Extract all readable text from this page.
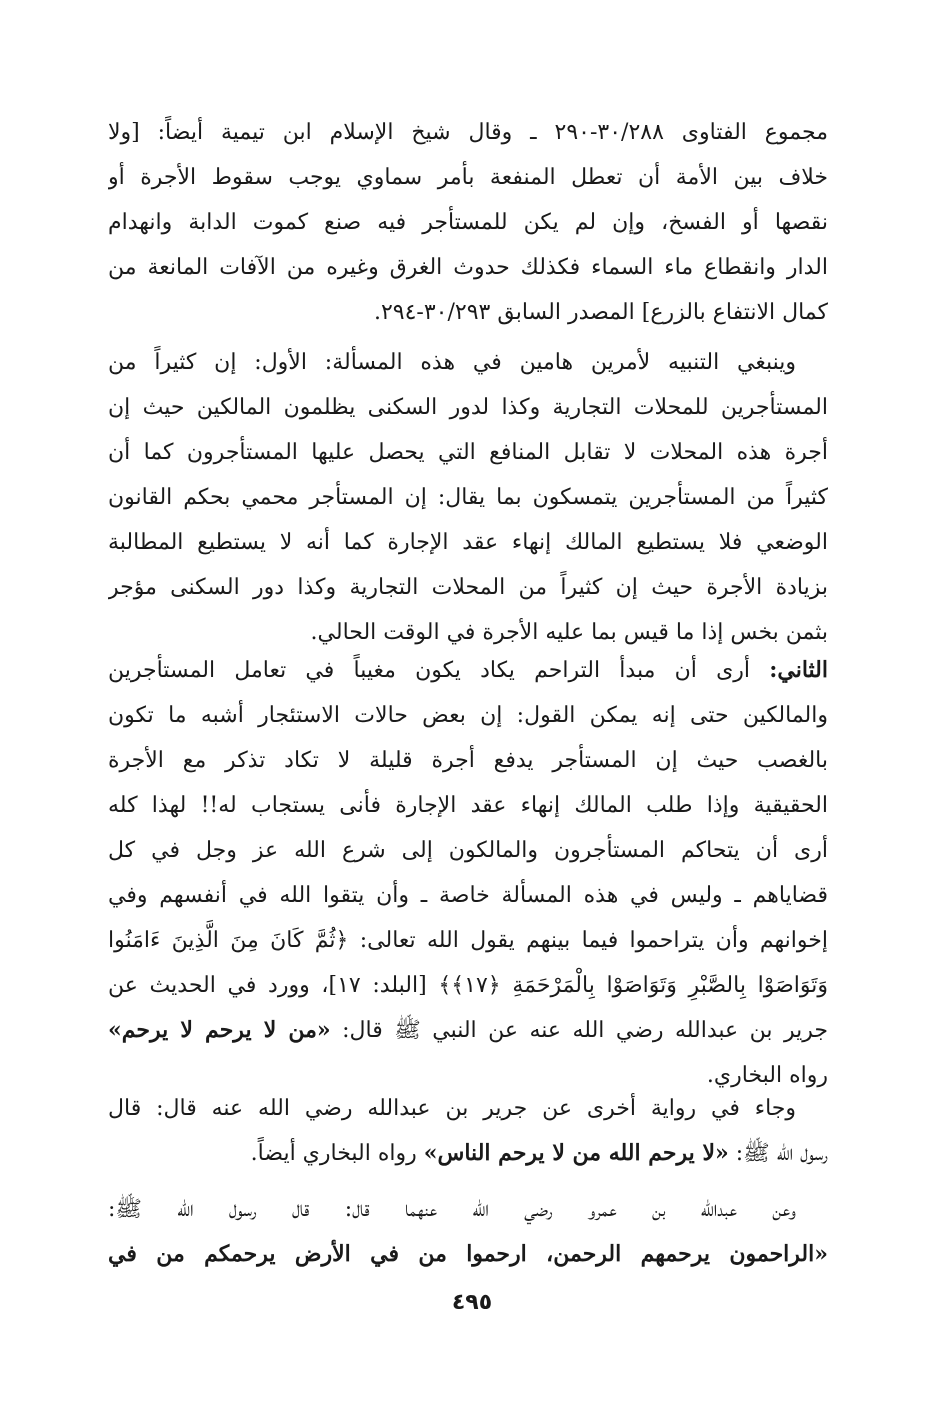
مجموع الفتاوى ٣٠/٢٨٨-٢٩٠ ـ وقال شيخ الإسلام ابن تيمية أيضاً: [ولا
خلاف بين الأمة أن تعطل المنفعة بأمر سماوي يوجب سقوط الأجرة أو
نقصها أو الفسخ، وإن لم يكن للمستأجر فيه صنع كموت الدابة وانهدام
الدار وانقطاع ماء السماء فكذلك حدوث الغرق وغيره من الآفات المانعة من
كمال الانتفاع بالزرع] المصدر السابق ٣٠/٢٩٣-٢٩٤.
وينبغي التنبيه لأمرين هامين في هذه المسألة: الأول: إن كثيراً من
المستأجرين للمحلات التجارية وكذا لدور السكنى يظلمون المالكين حيث إن
أجرة هذه المحلات لا تقابل المنافع التي يحصل عليها المستأجرون كما أن
كثيراً من المستأجرين يتمسكون بما يقال: إن المستأجر محمي بحكم القانون
الوضعي فلا يستطيع المالك إنهاء عقد الإجارة كما أنه لا يستطيع المطالبة
بزيادة الأجرة حيث إن كثيراً من المحلات التجارية وكذا دور السكنى مؤجر
بثمن بخس إذا ما قيس بما عليه الأجرة في الوقت الحالي.
الثاني: أرى أن مبدأ التراحم يكاد يكون مغيباً في تعامل المستأجرين
والمالكين حتى إنه يمكن القول: إن بعض حالات الاستئجار أشبه ما تكون
بالغصب حيث إن المستأجر يدفع أجرة قليلة لا تكاد تذكر مع الأجرة
الحقيقية وإذا طلب المالك إنهاء عقد الإجارة فأنى يستجاب له!! لهذا كله
أرى أن يتحاكم المستأجرون والمالكون إلى شرع الله عز وجل في كل
قضاياهم ـ وليس في هذه المسألة خاصة ـ وأن يتقوا الله في أنفسهم وفي
إخوانهم وأن يتراحموا فيما بينهم يقول الله تعالى: ﴿ثُمَّ كَانَ مِنَ الَّذِينَ ءَامَنُوا
وَتَوَاصَوْا بِالصَّبْرِ وَتَوَاصَوْا بِالْمَرْحَمَةِ ﴿١٧﴾﴾ [البلد: ١٧]، وورد في الحديث عن
جرير بن عبدالله رضي الله عنه عن النبي ﷺ قال: «من لا يرحم لا يرحم»
رواه البخاري.
وجاء في رواية أخرى عن جرير بن عبدالله رضي الله عنه قال: قال
رسول الله ﷺ: «لا يرحم الله من لا يرحم الناس» رواه البخاري أيضاً.
وعن عبدالله بن عمرو رضي الله عنهما قال: قال رسول الله ﷺ:
«الراحمون يرحمهم الرحمن، ارحموا من في الأرض يرحمكم من في
٤٩٥
